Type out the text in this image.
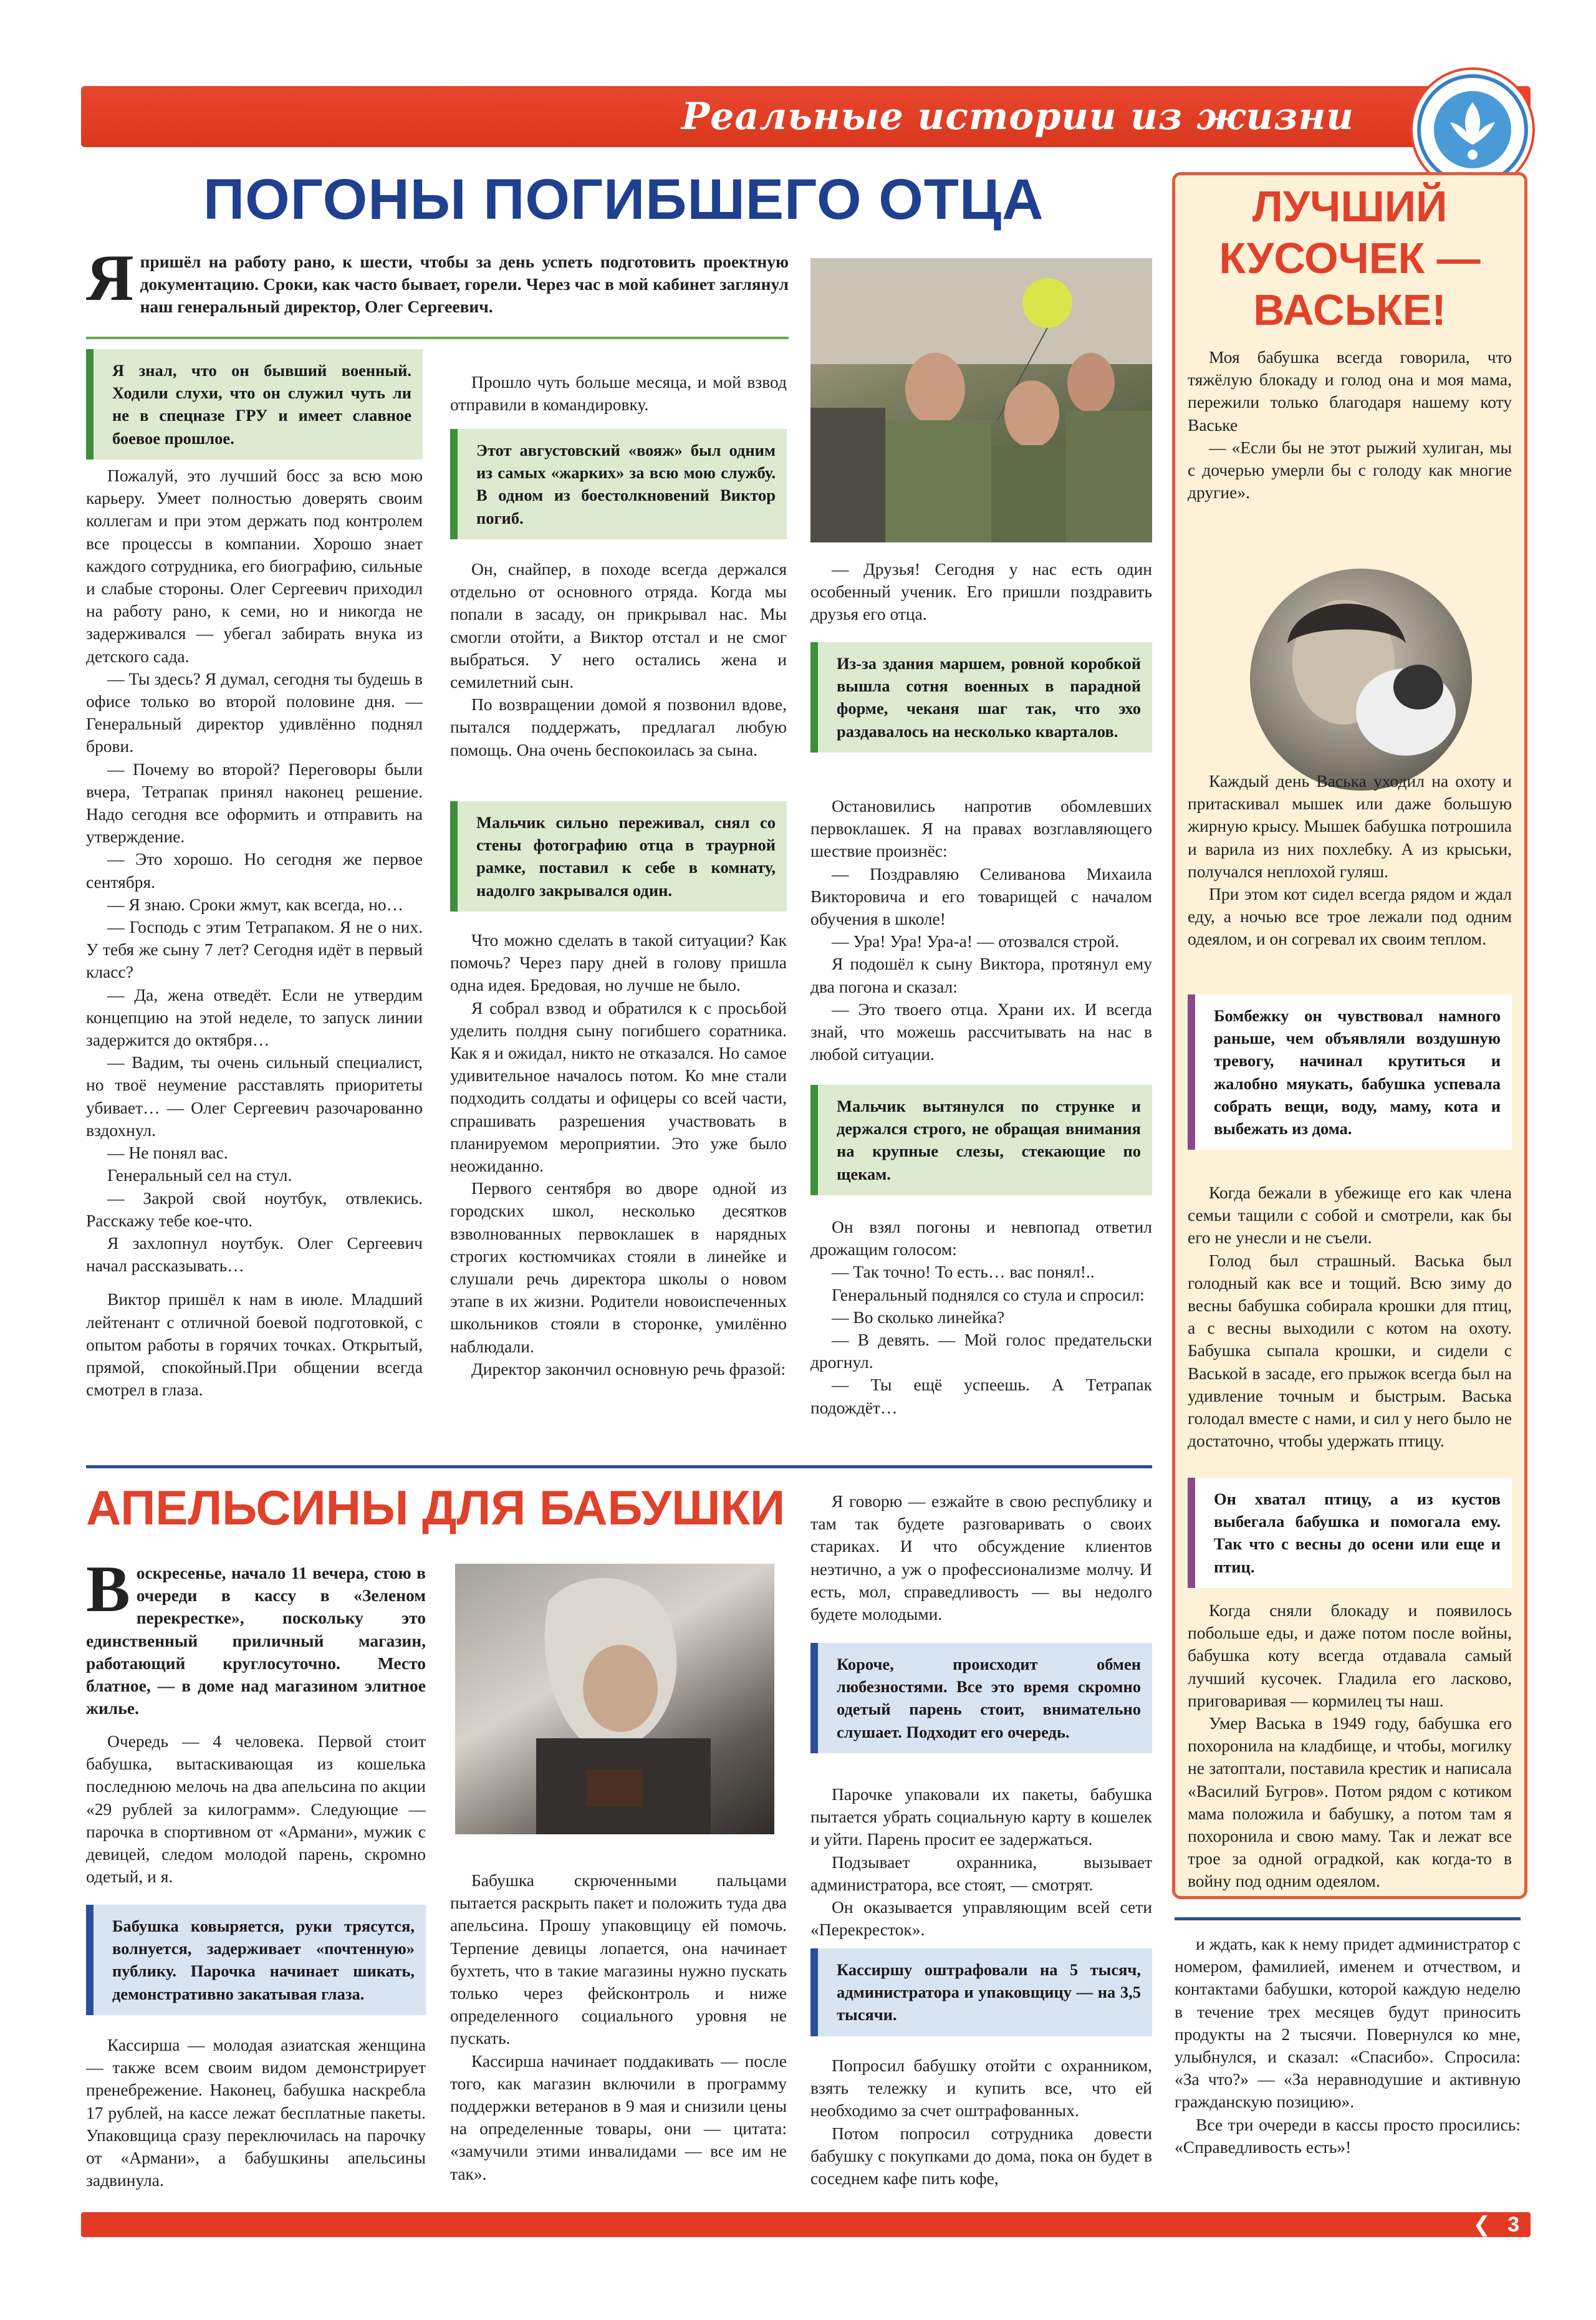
Реальные истории из жизни
ПОГОНЫ ПОГИБШЕГО ОТЦА
Япришёл на работу рано, к шести, чтобы за день успеть подготовить проектную документацию. Сроки, как часто бывает, горели. Через час в мой кабинет заглянул наш генеральный директор, Олег Сергеевич.
Я знал, что он бывший военный. Ходили слухи, что он служил чуть ли не в спецназе ГРУ и имеет славное боевое прошлое.

Пожалуй, это лучший босс за всю мою карьеру. Умеет полностью доверять своим коллегам и при этом держать под контролем все процессы в компании. Хорошо знает каждого сотрудника, его биографию, сильные и слабые стороны. Олег Сергеевич приходил на работу рано, к семи, но и никогда не задерживался — убегал забирать внука из детского сада.

— Ты здесь? Я думал, сегодня ты будешь в офисе только во второй половине дня. — Генеральный директор удивлённо поднял брови.

— Почему во второй? Переговоры были вчера, Тетрапак принял наконец решение. Надо сегодня все оформить и отправить на утверждение.

— Это хорошо. Но сегодня же первое сентября.

— Я знаю. Сроки жмут, как всегда, но…

— Господь с этим Тетрапаком. Я не о них. У тебя же сыну 7 лет? Сегодня идёт в первый класс?

— Да, жена отведёт. Если не утвердим концепцию на этой неделе, то запуск линии задержится до октября…

— Вадим, ты очень сильный специалист, но твоё неумение расставлять приоритеты убивает… — Олег Сергеевич разочарованно вздохнул.

— Не понял вас.

Генеральный сел на стул.

— Закрой свой ноутбук, отвлекись. Расскажу тебе кое-что.

Я захлопнул ноутбук. Олег Сергеевич начал рассказывать…

Виктор пришёл к нам в июле. Младший лейтенант с отличной боевой подготовкой, с опытом работы в горячих точках. Открытый, прямой, спокойный.При общении всегда смотрел в глаза.

Прошло чуть больше месяца, и мой взвод отправили в командировку.

Этот августовский «вояж» был одним из самых «жарких» за всю мою службу. В одном из боестолкновений Виктор погиб.

Он, снайпер, в походе всегда держался отдельно от основного отряда. Когда мы попали в засаду, он прикрывал нас. Мы смогли отойти, а Виктор отстал и не смог выбраться. У него остались жена и семилетний сын.

По возвращении домой я позвонил вдове, пытался поддержать, предлагал любую помощь. Она очень беспокоилась за сына.

Мальчик сильно переживал, снял со стены фотографию отца в траурной рамке, поставил к себе в комнату, надолго закрывался один.

Что можно сделать в такой ситуации? Как помочь? Через пару дней в голову пришла одна идея. Бредовая, но лучше не было.

Я собрал взвод и обратился к с просьбой уделить полдня сыну погибшего соратника. Как я и ожидал, никто не отказался. Но самое удивительное началось потом. Ко мне стали подходить солдаты и офицеры со всей части, спрашивать разрешения участвовать в планируемом мероприятии. Это уже было неожиданно.

Первого сентября во дворе одной из городских школ, несколько десятков взволнованных первоклашек в нарядных строгих костюмчиках стояли в линейке и слушали речь директора школы о новом этапе в их жизни. Родители новоиспеченных школьников стояли в сторонке, умилённо наблюдали.

Директор закончил основную речь фразой:

— Друзья! Сегодня у нас есть один особенный ученик. Его пришли поздравить друзья его отца.

Из-за здания маршем, ровной коробкой вышла сотня военных в парадной форме, чеканя шаг так, что эхо раздавалось на несколько кварталов.

Остановились напротив обомлевших первоклашек. Я на правах возглавляющего шествие произнёс:

— Поздравляю Селиванова Михаила Викторовича и его товарищей с началом обучения в школе!

— Ура! Ура! Ура-а! — отозвался строй.

Я подошёл к сыну Виктора, протянул ему два погона и сказал:

— Это твоего отца. Храни их. И всегда знай, что можешь рассчитывать на нас в любой ситуации.

Мальчик вытянулся по струнке и держался строго, не обращая внимания на крупные слезы, стекающие по щекам.

Он взял погоны и невпопад ответил дрожащим голосом:

— Так точно! То есть… вас понял!..

Генеральный поднялся со стула и спросил:

— Во сколько линейка?

— В девять. — Мой голос предательски дрогнул.

— Ты ещё успеешь. А Тетрапак подождёт…

ЛУЧШИЙ КУСОЧЕК — ВАСЬКЕ!

Моя бабушка всегда говорила, что тяжёлую блокаду и голод она и моя мама, пережили только благодаря нашему коту Ваське

— «Если бы не этот рыжий хулиган, мы с дочерью умерли бы с голоду как многие другие».

Каждый день Васька уходил на охоту и притаскивал мышек или даже большую жирную крысу. Мышек бабушка потрошила и варила из них похлебку. А из крыськи, получался неплохой гуляш.

При этом кот сидел всегда рядом и ждал еду, а ночью все трое лежали под одним одеялом, и он согревал их своим теплом.

Бомбежку он чувствовал намного раньше, чем объявляли воздушную тревогу, начинал крутиться и жалобно мяукать, бабушка успевала собрать вещи, воду, маму, кота и выбежать из дома.

Когда бежали в убежище его как члена семьи тащили с собой и смотрели, как бы его не унесли и не съели.

Голод был страшный. Васька был голодный как все и тощий. Всю зиму до весны бабушка собирала крошки для птиц, а с весны выходили с котом на охоту. Бабушка сыпала крошки, и сидели с Васькой в засаде, его прыжок всегда был на удивление точным и быстрым. Васька голодал вместе с нами, и сил у него было не достаточно, чтобы удержать птицу.

Он хватал птицу, а из кустов выбегала бабушка и помогала ему. Так что с весны до осени или еще и птиц.

Когда сняли блокаду и появилось побольше еды, и даже потом после войны, бабушка коту всегда отдавала самый лучший кусочек. Гладила его ласково, приговаривая — кормилец ты наш.

Умер Васька в 1949 году, бабушка его похоронила на кладбище, и чтобы, могилку не затоптали, поставила крестик и написала «Василий Бугров». Потом рядом с котиком мама положила и бабушку, а потом там я похоронила и свою маму. Так и лежат все трое за одной оградкой, как когда-то в войну под одним одеялом.

АПЕЛЬСИНЫ ДЛЯ БАБУШКИ
Воскресенье, начало 11 вечера, стою в очереди в кассу в «Зеленом перекрестке», поскольку это единственный приличный магазин, работающий круглосуточно. Место блатное, — в доме над магазином элитное жилье.

Очередь — 4 человека. Первой стоит бабушка, вытаскивающая из кошелька последнюю мелочь на два апельсина по акции «29 рублей за килограмм». Следующие — парочка в спортивном от «Армани», мужик с девицей, следом молодой парень, скромно одетый, и я.

Бабушка ковыряется, руки трясутся, волнуется, задерживает «почтенную» публику. Парочка начинает шикать, демонстративно закатывая глаза.

Кассирша — молодая азиатская женщина — также всем своим видом демонстрирует пренебрежение. Наконец, бабушка наскребла 17 рублей, на кассе лежат бесплатные пакеты. Упаковщица сразу переключилась на парочку от «Армани», а бабушкины апельсины задвинула.

Бабушка скрюченными пальцами пытается раскрыть пакет и положить туда два апельсина. Прошу упаковщицу ей помочь. Терпение девицы лопается, она начинает бухтеть, что в такие магазины нужно пускать только через фейсконтроль и ниже определенного социального уровня не пускать.

Кассирша начинает поддакивать — после того, как магазин включили в программу поддержки ветеранов в 9 мая и снизили цены на определенные товары, они — цитата: «замучили этими инвалидами — все им не так».

Я говорю — езжайте в свою республику и там так будете разговаривать о своих стариках. И что обсуждение клиентов неэтично, а уж о профессионализме молчу. И есть, мол, справедливость — вы недолго будете молодыми.

Короче, происходит обмен любезностями. Все это время скромно одетый парень стоит, внимательно слушает. Подходит его очередь.

Парочке упаковали их пакеты, бабушка пытается убрать социальную карту в кошелек и уйти. Парень просит ее задержаться.

Подзывает охранника, вызывает администратора, все стоят, — смотрят.

Он оказывается управляющим всей сети «Перекресток».

Кассиршу оштрафовали на 5 тысяч, администратора и упаковщицу — на 3,5 тысячи.

Попросил бабушку отойти с охранником, взять тележку и купить все, что ей необходимо за счет оштрафованных.

Потом попросил сотрудника довести бабушку с покупками до дома, пока он будет в соседнем кафе пить кофе,

и ждать, как к нему придет администратор с номером, фамилией, именем и отчеством, и контактами бабушки, которой каждую неделю в течение трех месяцев будут приносить продукты на 2 тысячи. Повернулся ко мне, улыбнулся, и сказал: «Спасибо». Спросила: «За что?» — «За неравнодушие и активную гражданскую позицию».

Все три очереди в кассы просто просились: «Справедливость есть»!

❮ 3
